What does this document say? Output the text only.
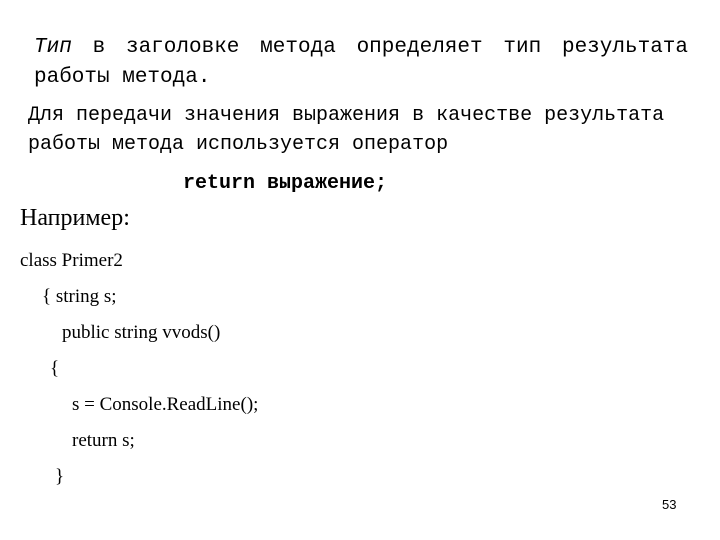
Тип в заголовке метода определяет тип результата работы метода.
Для передачи значения выражения в качестве результата работы метода используется оператор
return выражение;
Например:
class Primer2
{ string s;
public string vvods()
{
s = Console.ReadLine();
return s;
}
53
